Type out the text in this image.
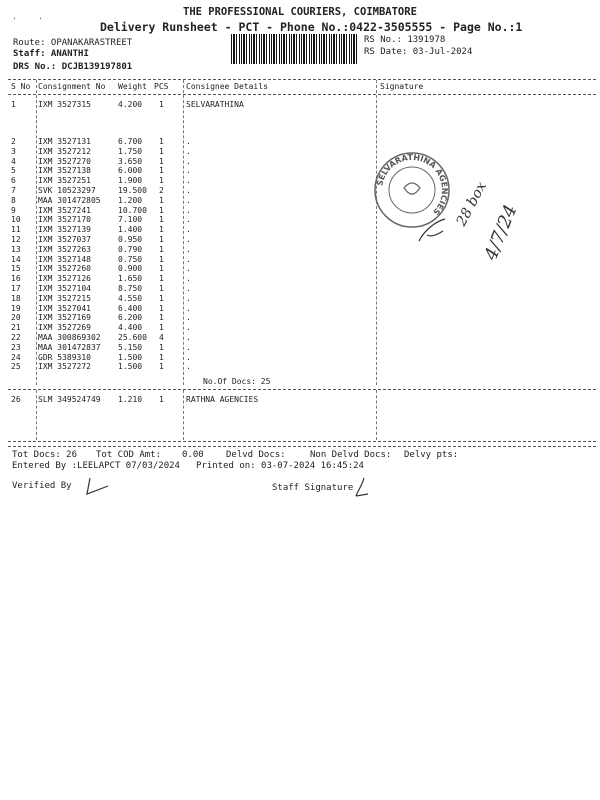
THE PROFESSIONAL COURIERS, COIMBATORE
Delivery Runsheet - PCT - Phone No.:0422-3505555 - Page No.:1
Route: OPANAKARASTREET
Staff: ANANTHI
DRS No.: DCJB139197801
RS No.: 1391978
RS Date: 03-Jul-2024
S No Consignment No Weight PCS Consignee Details	Signature
1	IXM 3527315	4.200 1	SELVARATHINA
2	IXM 3527131	6.700 1	.
3	IXM 3527212	1.750 1	.
4	IXM 3527270	3.650 1	.
5	IXM 3527138	6.000 1	.
6	IXM 3527251	1.900 1	.
7	SVK 10523297	19.500 2	.
8	MAA 301472805 1.200 1	.
9	IXM 3527241	10.700 1	.
10 IXM 3527170	7.100 1	.
11 IXM 3527139	1.400 1	.
12 IXM 3527037	0.950 1	.
13 IXM 3527263	0.790 1	.
14 IXM 3527148	0.750 1	.
15 IXM 3527260	0.900 1	.
16 IXM 3527126	1.650 1	.
17 IXM 3527104	8.750 1	.
18 IXM 3527215	4.550 1	.
19 IXM 3527041	6.400 1	.
20 IXM 3527169	6.200 1	.
21 IXM 3527269	4.400 1	.
22 MAA 300869302 25.600 4	.
23 MAA 301472837 5.150 1	.
24 GDR 5389310	1.500 1	.
25 IXM 3527272	1.500 1	.
No.Of Docs: 25
26 SLM 349524749 1.210 1	RATHNA AGENCIES
SELVARATHINA AGENCIES 28 box
4/7/24
Tot Docs: 26 Tot COD Amt: 0.00 Delvd Docs:	Non Delvd Docs: Delvy pts:
Entered By :LEELAPCT 07/03/2024 Printed on: 03-07-2024 16:45:24
Verified By	Staff Signature
·	·
